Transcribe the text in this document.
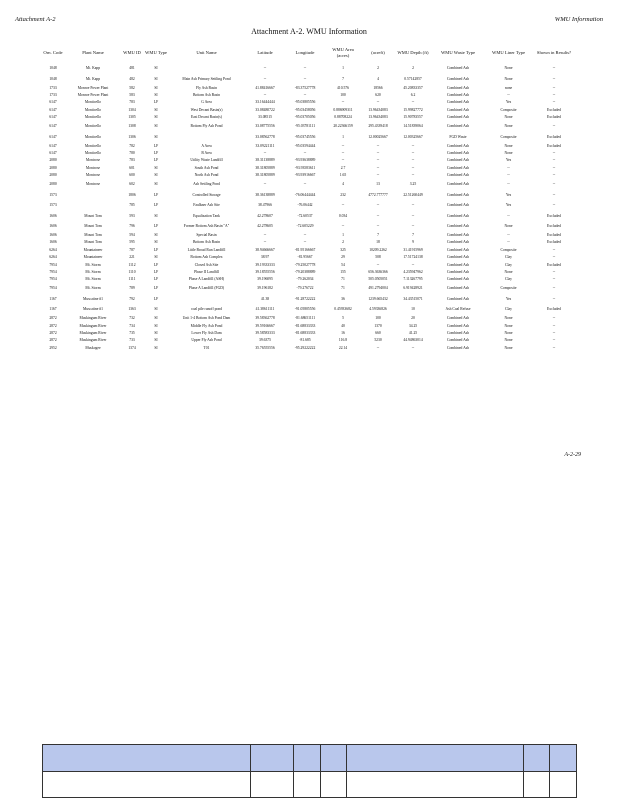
Attachment A-2	WMU Information
Attachment A-2. WMU Information
Orn. Code	Plant Name	WMU ID	WMU Type	Unit Name	Latitude	Longitude	WMU Area (acres)	(acreft)	WMU Depth (ft)	WMU Waste Type	WMU Liner Type	Shown in Results?
1048	Mt. Kapp	481	SI		--	--	1	2	2	Combined Ash	None	--
1048	Mt. Kapp	482	SI	Main Ash Primary Settling Pond	--	--	7	4	0.57142857	Combined Ash	None	--
1733	Monroe Power Plant	582	SI	Fly Ash Basin	41.88416667	-83.37527778	410.576	18566	45.20833357	Combined Ash	none	--
1733	Monroe Power Plant	583	SI	Bottom Ash Basin	--	--	100	620	6.2	Combined Ash	--	--
6147	Monticello	783	LF	G Area	33.16444444	-95.03805556	--	--	--	Combined Ash	Yes	--
6147	Monticello	1304	SI	West Decant Basin(s)	33.08480722	-95.03458056	0.886909311	13.96434083	15.99827772	Combined Ash	Composite	Excluded
6147	Monticello	1305	SI	East Decant Basin(s)	33.08515	-95.03705056	0.88708224	13.96434083	15.90783557	Combined Ash	None	Excluded
6147	Monticello	1308	SI	Bottom Fly Ash Pond	33.08775556	-95.03781111	20.22366159	295.4339418	14.51839064	Combined Ash	None	--
6147	Monticello	1306	SI		33.08562778	-95.03745556	1	12.00025667	12.00325667	FGD Waste	Composite	Excluded
6147	Monticello	782	LF	A Area	33.09221111	-95.03594444	--	--	--	Combined Ash	None	Excluded
6147	Monticello	780	LF	B Area	--	--	--	--	--	Combined Ash	None	--
2080	Montrose	783	LF	Utility Waste Landfill	38.31138889	-93.93638889	--	--	--	Combined Ash	Yes	--
2080	Montrose	601	SI	South Ash Pond	38.31805889	-93.93583611	2.7	--	--	Combined Ash	--	--
2080	Montrose	600	SI	North Ash Pond	38.31805889	-93.93916667	1.65	--	--	Combined Ash	--	--
2080	Montrose	602	SI	Ash Settling Pond	--	--	4	13	3.25	Combined Ash	--	--
1573		1806	LF	Controlled Storage	38.36138889	-76.06444444	232	4772.777777	22.51260449	Combined Ash	Yes	--
1573		785	LF	Faulkner Ash Site	38.47966	-76.06442	--	--	--	Combined Ash	Yes	--
1606	Mount Tom	593	SI	Equalization Tank	42.278607	-72.60537	0.034	--	--	Combined Ash	--	Excluded
1606	Mount Tom	796	LF	Former Bottom Ash Basin "A"	42.278605	-72.605229	--	--	--	Combined Ash	None	Excluded
1606	Mount Tom	594	SI	Special Basin	--	--	1	7	7	Combined Ash	--	Excluded
1606	Mount Tom	595	SI	Bottom Ash Basin	--	--	2	18	9	Combined Ash	--	Excluded
6264	Mountaineer	787	LF	Little Broad Run Landfill	38.94666667	-81.95166667	325	10209.2262	31.41915969	Combined Ash	Composite	--
6264	Mountaineer	221	SI	Bottom Ash Complex	38.97	-81.95667	29	508	17.51724138	Combined Ash	Clay	--
7954	Mt. Storm	1112	LF	Closed Ash Site	39.19333333	-79.25027778	54	--	--	Combined Ash	Clay	Excluded
7954	Mt. Storm	1110	LF	Phase II Landfill	39.18555556	-79.20388889	155	656.3636366	4.235947962	Combined Ash	None	--
7954	Mt. Storm	1111	LF	Phase A Landfill (ASH)	39.196095	-79.262034	71	505.0505051	7.113267795	Combined Ash	Clay	--
7954	Mt. Storm	789	LF	Phase A Landfill (FGD)	39.196182	-79.276722	71	491.2794004	6.919428921	Combined Ash	Composite	--
1167	Muscatine #1	792	LF		41.38	-91.28722222	36	1239.665432	34.43515071	Combined Ash	Yes	--
1167	Muscatine #1	1363	SI	coal pile runoff pond	41.38611111	-91.05805556	0.45933682	4.59336826	10	Ash Coal Refuse	Clay	Excluded
2872	Muskingum River	732	SI	Unit 1-4 Bottom Ash Pond Dam	39.58362778	-81.68651111	5	100	20	Combined Ash	None	--
2872	Muskingum River	734	SI	Middle Fly Ash Pond	39.59166667	-81.68833333	40	1370	34.25	Combined Ash	None	--
2872	Muskingum River	735	SI	Lower Fly Ash Dam	39.58583333	-81.68833333	16	660	41.25	Combined Ash	None	--
2872	Muskingum River	733	SI	Upper Fly Ash Pond	39.6375	-81.685	116.8	5230	44.94863014	Combined Ash	None	--
2952	Muskogee	1374	SI	T01	35.76555556	-95.29222222	22.14	--	--	Combined Ash	None	--
A-2-29
